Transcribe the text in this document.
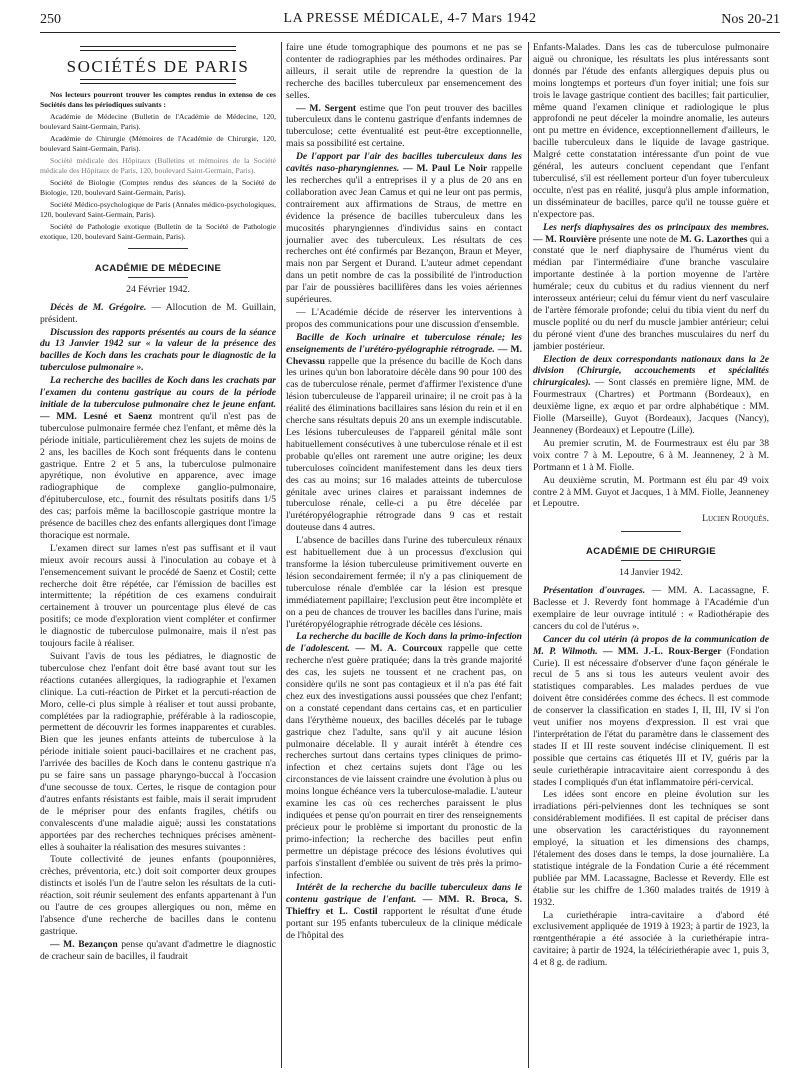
250	LA PRESSE MÉDICALE, 4-7 Mars 1942	Nos 20-21
SOCIÉTÉS DE PARIS

Nos lecteurs pourront trouver les comptes rendus in extenso de ces Sociétés dans les périodiques suivants :

Académie de Médecine (Bulletin de l'Académie de Médecine, 120, boulevard Saint-Germain, Paris).

Académie de Chirurgie (Mémoires de l'Académie de Chirurgie, 120, boulevard Saint-Germain, Paris).

Société médicale des Hôpitaux (Bulletins et mémoires de la Société médicale des Hôpitaux de Paris, 120, boulevard Saint-Germain, Paris).

Société de Biologie (Comptes rendus des séances de la Société de Biologie, 120, boulevard Saint-Germain, Paris).

Société Médico-psychologique de Paris (Annales médico-psychologiques, 120, boulevard Saint-Germain, Paris).

Société de Pathologie exotique (Bulletin de la Société de Pathologie exotique, 120, boulevard Saint-Germain, Paris).

ACADÉMIE DE MÉDECINE
24 Février 1942.

Décès de M. Grégoire. — Allocution de M. Guillain, président.

Discussion des rapports présentés au cours de la séance du 13 Janvier 1942 sur « la valeur de la présence des bacilles de Koch dans les crachats pour le diagnostic de la tuberculose pulmonaire ».

La recherche des bacilles de Koch dans les crachats par l'examen du contenu gastrique au cours de la période initiale de la tuberculose pulmonaire chez le jeune enfant. — MM. Lesné et Saenz montrent qu'il n'est pas de tuberculose pulmonaire fermée chez l'enfant, et même dès la période initiale, particulièrement chez les sujets de moins de 2 ans, les bacilles de Koch sont fréquents dans le contenu gastrique. Entre 2 et 5 ans, la tuberculose pulmonaire apyrétique, non évolutive en apparence, avec image radiographique de complexe ganglio-pulmonaire, d'épituberculose, etc., fournit des résultats positifs dans 1/5 des cas; parfois même la bacilloscopie gastrique montre la présence de bacilles chez des enfants allergiques dont l'image thoracique est normale.

L'examen direct sur lames n'est pas suffisant et il vaut mieux avoir recours aussi à l'inoculation au cobaye et à l'ensemencement suivant le procédé de Saenz et Costil; cette recherche doit être répétée, car l'émission de bacilles est intermittente; la répétition de ces examens conduirait certainement à trouver un pourcentage plus élevé de cas positifs; ce mode d'exploration vient compléter et confirmer le diagnostic de tuberculose pulmonaire, mais il n'est pas toujours facile à réaliser.

Suivant l'avis de tous les pédiatres, le diagnostic de tuberculose chez l'enfant doit être basé avant tout sur les réactions cutanées allergiques, la radiographie et l'examen clinique. La cuti-réaction de Pirket et la percuti-réaction de Moro, celle-ci plus simple à réaliser et tout aussi probante, complétées par la radiographie, préférable à la radioscopie, permettent de découvrir les formes inapparentes et curables. Bien que les jeunes enfants atteints de tuberculose à la période initiale soient pauci-bacillaires et ne crachent pas, l'arrivée des bacilles de Koch dans le contenu gastrique n'a pu se faire sans un passage pharyngo-buccal à l'occasion d'une secousse de toux. Certes, le risque de contagion pour d'autres enfants résistants est faible, mais il serait imprudent de le mépriser pour des enfants fragiles, chétifs ou convalescents d'une maladie aiguë; aussi les constatations apportées par des recherches techniques précises amènent-elles à souhaiter la réalisation des mesures suivantes :

Toute collectivité de jeunes enfants (pouponnières, crèches, préventoria, etc.) doit soit comporter deux groupes distincts et isolés l'un de l'autre selon les résultats de la cuti-réaction, soit réunir seulement des enfants appartenant à l'un ou l'autre de ces groupes allergiques ou non, même en l'absence d'une recherche de bacilles dans le contenu gastrique.

— M. Bezançon pense qu'avant d'admettre le diagnostic de cracheur sain de bacilles, il faudrait

faire une étude tomographique des poumons et ne pas se contenter de radiographies par les méthodes ordinaires. Par ailleurs, il serait utile de reprendre la question de la recherche des bacilles tuberculeux par ensemencement des selles.

— M. Sergent estime que l'on peut trouver des bacilles tuberculeux dans le contenu gastrique d'enfants indemnes de tuberculose; cette éventualité est peut-être exceptionnelle, mais sa possibilité est certaine.

De l'apport par l'air des bacilles tuberculeux dans les cavités naso-pharyngiennes. — M. Paul Le Noir rappelle les recherches qu'il a entreprises il y a plus de 20 ans en collaboration avec Jean Camus et qui ne leur ont pas permis, contrairement aux affirmations de Straus, de mettre en évidence la présence de bacilles tuberculeux dans les mucosités pharyngiennes d'individus sains en contact journalier avec des tuberculeux. Les résultats de ces recherches ont été confirmés par Bezançon, Braun et Meyer, mais non par Sergent et Durand. L'auteur admet cependant dans un petit nombre de cas la possibilité de l'introduction par l'air de poussières bacillifères dans les voies aériennes supérieures.

— L'Académie décide de réserver les interventions à propos des communications pour une discussion d'ensemble.

Bacille de Koch urinaire et tuberculose rénale; les enseignements de l'urétéro-pyélographie rétrograde. — M. Chevassu rappelle que la présence du bacille de Koch dans les urines qu'un bon laboratoire décèle dans 90 pour 100 des cas de tuberculose rénale, permet d'affirmer l'existence d'une lésion tuberculeuse de l'appareil urinaire; il ne croit pas à la réalité des éliminations bacillaires sans lésion du rein et il en cherche sans résultats depuis 20 ans un exemple indiscutable. Les lésions tuberculeuses de l'appareil génital mâle sont habituellement consécutives à une tuberculose rénale et il est probable qu'elles ont rarement une autre origine; les deux tuberculoses coïncident manifestement dans les deux tiers des cas au moins; sur 16 malades atteints de tuberculose génitale avec urines claires et paraissant indemnes de tuberculose rénale, celle-ci a pu être décelée par l'urétéropyélographie rétrograde dans 9 cas et restait douteuse dans 4 autres.

L'absence de bacilles dans l'urine des tuberculeux rénaux est habituellement due à un processus d'exclusion qui transforme la lésion tuberculeuse primitivement ouverte en lésion secondairement fermée; il n'y a pas cliniquement de tuberculose rénale d'emblée car la lésion est presque immédiatement papillaire; l'exclusion peut être incomplète et on a peu de chances de trouver les bacilles dans l'urine, mais l'urétéropyélographie rétrograde décèle ces lésions.

La recherche du bacille de Koch dans la primo-infection de l'adolescent. — M. A. Courcoux rappelle que cette recherche n'est guère pratiquée; dans la très grande majorité des cas, les sujets ne toussent et ne crachent pas, on considère qu'ils ne sont pas contagieux et il n'a pas été fait chez eux des investigations aussi poussées que chez l'enfant; on a constaté cependant dans certains cas, et en particulier dans l'érythème noueux, des bacilles décelés par le tubage gastrique chez l'adulte, sans qu'il y ait aucune lésion pulmonaire décelable. Il y aurait intérêt à étendre ces recherches surtout dans certains types cliniques de primo-infection et chez certains sujets dont l'âge ou les circonstances de vie laissent craindre une évolution à plus ou moins longue échéance vers la tuberculose-maladie. L'auteur examine les cas où ces recherches paraissent le plus indiquées et pense qu'on pourrait en tirer des renseignements précieux pour le problème si important du pronostic de la primo-infection; la recherche des bacilles peut enfin permettre un dépistage précoce des lésions évolutives qui parfois s'installent d'emblée ou suivent de très près la primo-infection.

Intérêt de la recherche du bacille tuberculeux dans le contenu gastrique de l'enfant. — MM. R. Broca, S. Thieffry et L. Costil rapportent le résultat d'une étude portant sur 195 enfants tuberculeux de la clinique médicale de l'hôpital des

Enfants-Malades. Dans les cas de tuberculose pulmonaire aiguë ou chronique, les résultats les plus intéressants sont donnés par l'étude des enfants allergiques depuis plus ou moins longtemps et porteurs d'un foyer initial; une fois sur trois le lavage gastrique contient des bacilles; fait particulier, même quand l'examen clinique et radiologique le plus approfondi ne peut déceler la moindre anomalie, les auteurs ont pu mettre en évidence, exceptionnellement d'ailleurs, le bacille tuberculeux dans le liquide de lavage gastrique. Malgré cette constatation intéressante d'un point de vue général, les auteurs concluent cependant que l'enfant tuberculisé, s'il est réellement porteur d'un foyer tuberculeux occulte, n'est pas en réalité, jusqu'à plus ample information, un disséminateur de bacilles, parce qu'il ne tousse guère et n'expectore pas.

Les nerfs diaphysaires des os principaux des membres. — M. Rouvière présente une note de M. G. Lazorthes qui a constaté que le nerf diaphysaire de l'humérus vient du médian par l'intermédiaire d'une branche vasculaire importante destinée à la portion moyenne de l'artère humérale; ceux du cubitus et du radius viennent du nerf interosseux antérieur; celui du fémur vient du nerf vasculaire de l'artère fémorale profonde; celui du tibia vient du nerf du muscle poplité ou du nerf du muscle jambier antérieur; celui du péroné vient d'une des branches musculaires du nerf du jambier postérieur.

Election de deux correspondants nationaux dans la 2e division (Chirurgie, accouchements et spécialités chirurgicales). — Sont classés en première ligne, MM. de Fourmestraux (Chartres) et Portmann (Bordeaux), en deuxième ligne, ex æquo et par ordre alphabétique : MM. Fiolle (Marseille), Guyot (Bordeaux), Jacques (Nancy), Jeanneney (Bordeaux) et Lepoutre (Lille).

Au premier scrutin, M. de Fourmestraux est élu par 38 voix contre 7 à M. Lepoutre, 6 à M. Jeanneney, 2 à M. Portmann et 1 à M. Fiolle.

Au deuxième scrutin, M. Portmann est élu par 49 voix contre 2 à MM. Guyot et Jacques, 1 à MM. Fiolle, Jeanneney et Lepoutre.

Lucien Rouquès.
ACADÉMIE DE CHIRURGIE
14 Janvier 1942.

Présentation d'ouvrages. — MM. A. Lacassagne, F. Baclesse et J. Reverdy font hommage à l'Académie d'un exemplaire de leur ouvrage intitulé : « Radiothérapie des cancers du col de l'utérus ».

Cancer du col utérin (à propos de la communication de M. P. Wilmoth. — MM. J.-L. Roux-Berger (Fondation Curie). Il est nécessaire d'observer d'une façon générale le recul de 5 ans si tous les auteurs veulent avoir des statistiques comparables. Les malades perdues de vue doivent être considérées comme des échecs. Il est commode de conserver la classification en stades I, II, III, IV si l'on veut unifier nos moyens d'expression. Il est vrai que l'interprétation de l'état du paramètre dans le classement des stades II et III reste souvent indécise cliniquement. Il est possible que certains cas étiquetés III et IV, guéris par la seule curiethérapie intracavitaire aient correspondu à des stades I compliqués d'un état inflammatoire péri-cervical.

Les idées sont encore en pleine évolution sur les irradiations péri-pelviennes dont les techniques se sont considérablement modifiées. Il est capital de préciser dans une observation les caractéristiques du rayonnement employé, la situation et les dimensions des champs, l'étalement des doses dans le temps, la dose journalière. La statistique intégrale de la Fondation Curie a été récemment publiée par MM. Lacassagne, Baclesse et Reverdy. Elle est établie sur les chiffre de 1.360 malades traités de 1919 à 1932.

La curiethérapie intra-cavitaire a d'abord été exclusivement appliquée de 1919 à 1923; à partir de 1923, la rœntgenthérapie a été associée à la curiethérapie intra-cavitaire; à partir de 1924, la téléciriethérapie avec 1, puis 3, 4 et 8 g. de radium.
